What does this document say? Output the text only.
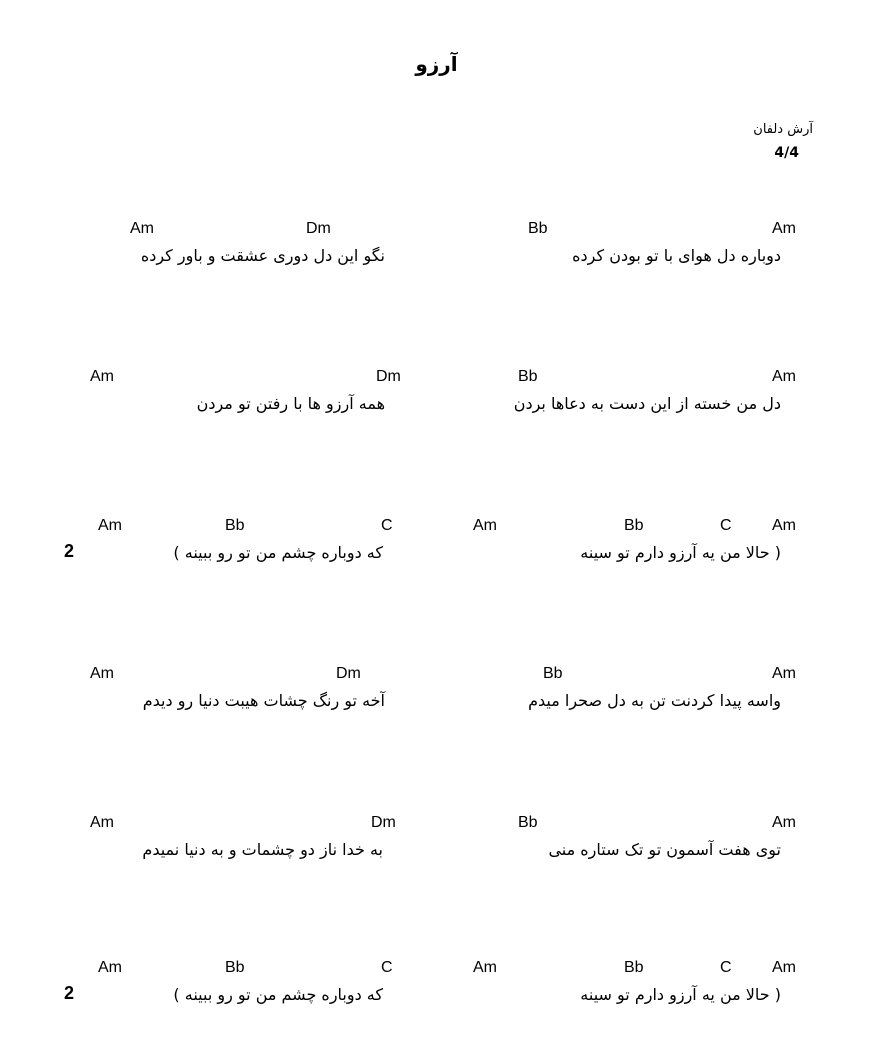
آرزو
آرش دلفان
4/4
Am
Bb
دوباره دل هوای با تو بودن کرده
Dm
Am
نگو این دل دوری عشقت و باور کرده
Am
Bb
دل من خسته از این دست به دعاها بردن
Dm
Am
همه آرزو ها با رفتن تو مردن
Am
C
Bb
Am
( حالا من یه آرزو دارم تو سینه
C
Bb
Am
که دوباره چشم من تو رو ببینه )
2
Am
Bb
واسه پیدا کردنت تن به دل صحرا میدم
Dm
Am
آخه تو رنگ چشات هیبت دنیا رو دیدم
Am
Bb
توی هفت آسمون تو تک ستاره منی
Dm
Am
به خدا ناز دو چشمات و به دنیا نمیدم
Am
C
Bb
Am
( حالا من یه آرزو دارم تو سینه
C
Bb
Am
که دوباره چشم من تو رو ببینه )
2
